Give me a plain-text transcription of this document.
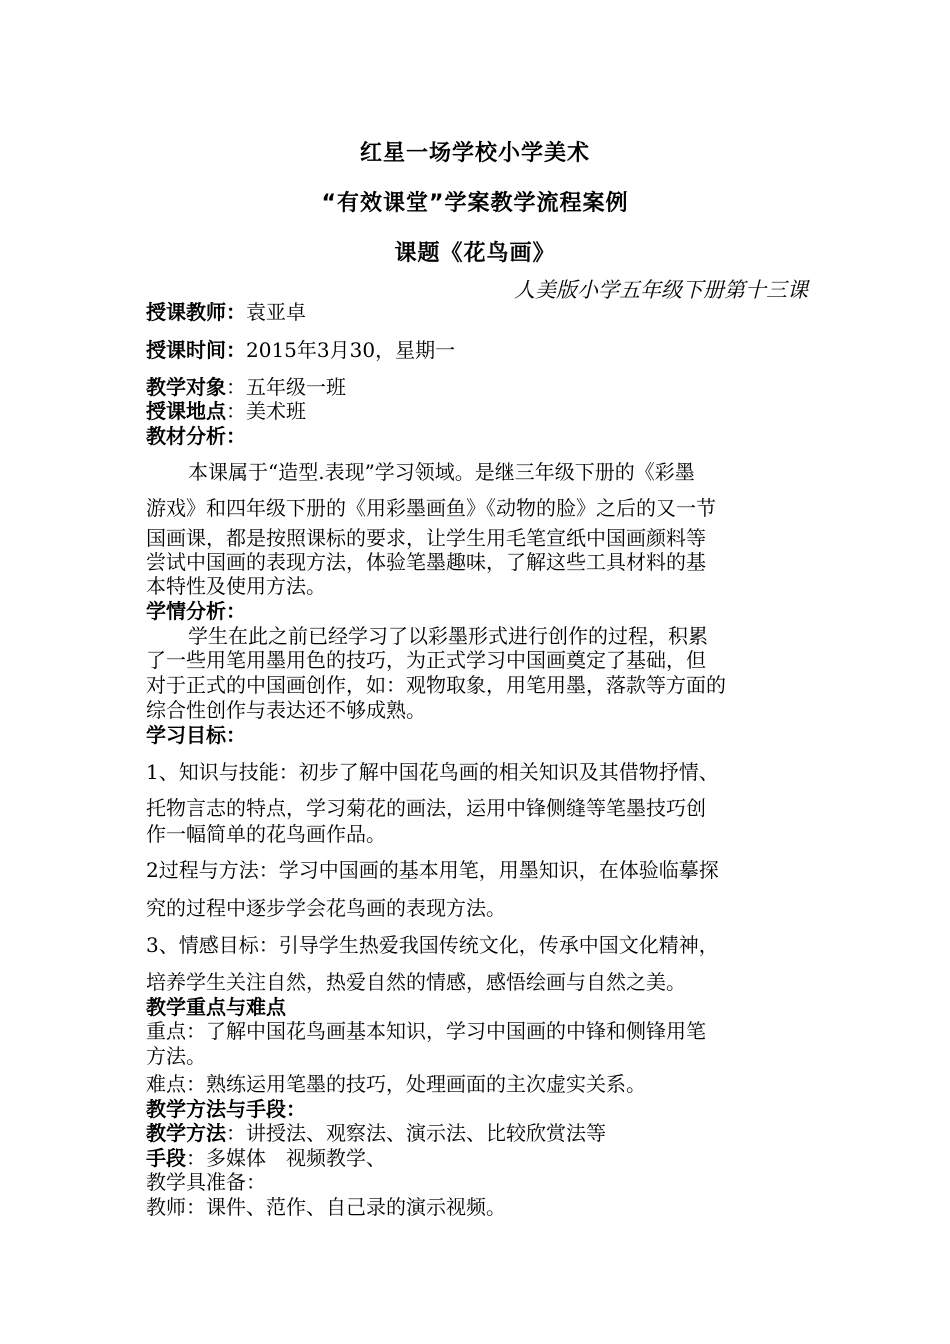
红星一场学校小学美术
“有效课堂”学案教学流程案例
课题《花鸟画》
人美版小学五年级下册第十三课
授课教师：袁亚卓
授课时间：2015年3月30，星期一
教学对象：五年级一班
授课地点：美术班
教材分析：
本课属于“造型.表现”学习领域。是继三年级下册的《彩墨
游戏》和四年级下册的《用彩墨画鱼》《动物的脸》之后的又一节
国画课，都是按照课标的要求，让学生用毛笔宣纸中国画颜料等
尝试中国画的表现方法，体验笔墨趣味，了解这些工具材料的基
本特性及使用方法。
学情分析：
学生在此之前已经学习了以彩墨形式进行创作的过程，积累
了一些用笔用墨用色的技巧，为正式学习中国画奠定了基础，但
对于正式的中国画创作，如：观物取象，用笔用墨，落款等方面的
综合性创作与表达还不够成熟。
学习目标：
1、知识与技能：初步了解中国花鸟画的相关知识及其借物抒情、
托物言志的特点，学习菊花的画法，运用中锋侧缝等笔墨技巧创
作一幅简单的花鸟画作品。
2过程与方法：学习中国画的基本用笔，用墨知识，在体验临摹探
究的过程中逐步学会花鸟画的表现方法。
3、情感目标：引导学生热爱我国传统文化，传承中国文化精神，
培养学生关注自然，热爱自然的情感，感悟绘画与自然之美。
教学重点与难点
重点：了解中国花鸟画基本知识，学习中国画的中锋和侧锋用笔
方法。
难点：熟练运用笔墨的技巧，处理画面的主次虚实关系。
教学方法与手段：
教学方法：讲授法、观察法、演示法、比较欣赏法等
手段：多媒体　视频教学、
教学具准备：
教师：课件、范作、自己录的演示视频。
